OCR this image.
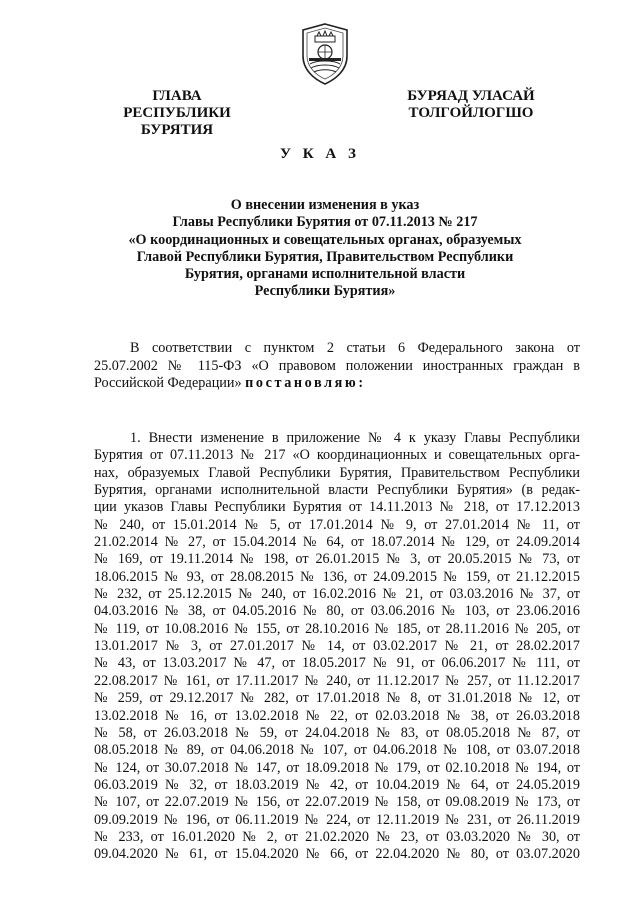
ГЛАВА
РЕСПУБЛИКИ БУРЯТИЯ
БУРЯАД УЛАСАЙ
ТОЛГОЙЛОГШО
У К А З
О внесении изменения в указ
Главы Республики Бурятия от 07.11.2013 № 217
«О координационных и совещательных органах, образуемых
Главой Республики Бурятия, Правительством Республики
Бурятия, органами исполнительной власти
Республики Бурятия»
В соответствии с пунктом 2 статьи 6 Федерального закона от
25.07.2002 № 115-ФЗ «О правовом положении иностранных граждан в
Российской Федерации» постановляю:
1. Внести изменение в приложение № 4 к указу Главы Республики
Бурятия от 07.11.2013 № 217 «О координационных и совещательных орга-
нах, образуемых Главой Республики Бурятия, Правительством Республики
Бурятия, органами исполнительной власти Республики Бурятия» (в редак-
ции указов Главы Республики Бурятия от 14.11.2013 № 218, от 17.12.2013
№ 240, от 15.01.2014 № 5, от 17.01.2014 № 9, от 27.01.2014 № 11, от
21.02.2014 № 27, от 15.04.2014 № 64, от 18.07.2014 № 129, от 24.09.2014
№ 169, от 19.11.2014 № 198, от 26.01.2015 № 3, от 20.05.2015 № 73, от
18.06.2015 № 93, от 28.08.2015 № 136, от 24.09.2015 № 159, от 21.12.2015
№ 232, от 25.12.2015 № 240, от 16.02.2016 № 21, от 03.03.2016 № 37, от
04.03.2016 № 38, от 04.05.2016 № 80, от 03.06.2016 № 103, от 23.06.2016
№ 119, от 10.08.2016 № 155, от 28.10.2016 № 185, от 28.11.2016 № 205, от
13.01.2017 № 3, от 27.01.2017 № 14, от 03.02.2017 № 21, от 28.02.2017
№ 43, от 13.03.2017 № 47, от 18.05.2017 № 91, от 06.06.2017 № 111, от
22.08.2017 № 161, от 17.11.2017 № 240, от 11.12.2017 № 257, от 11.12.2017
№ 259, от 29.12.2017 № 282, от 17.01.2018 № 8, от 31.01.2018 № 12, от
13.02.2018 № 16, от 13.02.2018 № 22, от 02.03.2018 № 38, от 26.03.2018
№ 58, от 26.03.2018 № 59, от 24.04.2018 № 83, от 08.05.2018 № 87, от
08.05.2018 № 89, от 04.06.2018 № 107, от 04.06.2018 № 108, от 03.07.2018
№ 124, от 30.07.2018 № 147, от 18.09.2018 № 179, от 02.10.2018 № 194, от
06.03.2019 № 32, от 18.03.2019 № 42, от 10.04.2019 № 64, от 24.05.2019
№ 107, от 22.07.2019 № 156, от 22.07.2019 № 158, от 09.08.2019 № 173, от
09.09.2019 № 196, от 06.11.2019 № 224, от 12.11.2019 № 231, от 26.11.2019
№ 233, от 16.01.2020 № 2, от 21.02.2020 № 23, от 03.03.2020 № 30, от
09.04.2020 № 61, от 15.04.2020 № 66, от 22.04.2020 № 80, от 03.07.2020
